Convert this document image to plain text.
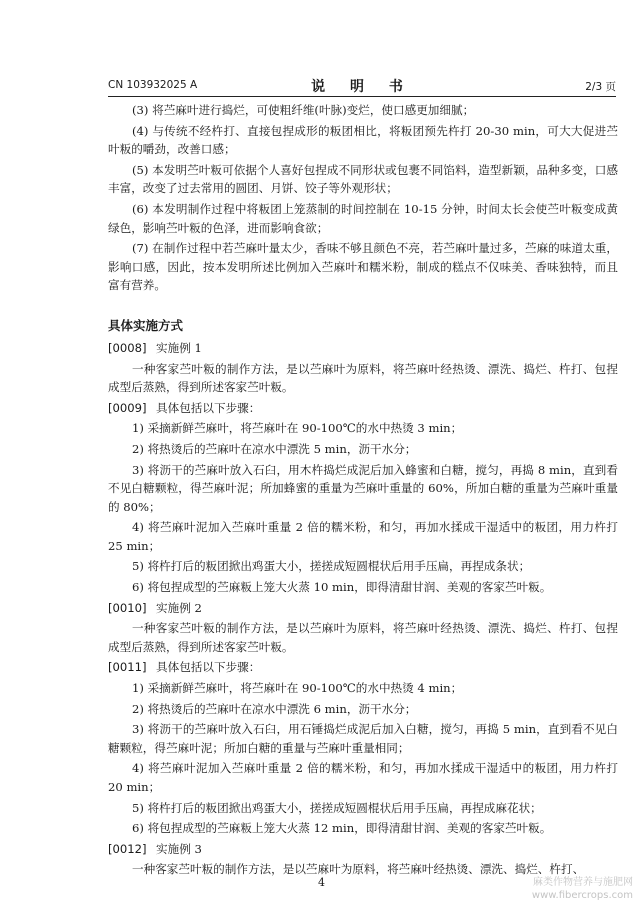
CN 103932025 A	说 明 书	2/3 页

(3) 将苎麻叶进行捣烂，可使粗纤维(叶脉)变烂，使口感更加细腻；

(4) 与传统不经杵打、直接包捏成形的粄团相比，将粄团预先杵打 20-30 min，可大大促进苎叶粄的嚼劲，改善口感；

(5) 本发明苎叶粄可依据个人喜好包捏成不同形状或包裹不同馅料，造型新颖，品种多变，口感丰富，改变了过去常用的圆团、月饼、饺子等外观形状；

(6) 本发明制作过程中将粄团上笼蒸制的时间控制在 10-15 分钟，时间太长会使苎叶粄变成黄绿色，影响苎叶粄的色泽，进而影响食欲；

(7) 在制作过程中若苎麻叶量太少，香味不够且颜色不亮，若苎麻叶量过多，苎麻的味道太重，影响口感，因此，按本发明所述比例加入苎麻叶和糯米粉，制成的糕点不仅味美、香味独特，而且富有营养。

具体实施方式
[0008] 实施例 1

一种客家苎叶粄的制作方法，是以苎麻叶为原料，将苎麻叶经热烫、漂洗、捣烂、杵打、包捏成型后蒸熟，得到所述客家苎叶粄。

[0009] 具体包括以下步骤：

1) 采摘新鲜苎麻叶，将苎麻叶在 90-100℃的水中热烫 3 min；

2) 将热烫后的苎麻叶在凉水中漂洗 5 min，沥干水分；

3) 将沥干的苎麻叶放入石臼，用木杵捣烂成泥后加入蜂蜜和白糖，搅匀，再捣 8 min，直到看不见白糖颗粒，得苎麻叶泥；所加蜂蜜的重量为苎麻叶重量的 60%，所加白糖的重量为苎麻叶重量的 80%；

4) 将苎麻叶泥加入苎麻叶重量 2 倍的糯米粉，和匀，再加水揉成干湿适中的粄团，用力杵打 25 min；

5) 将杵打后的粄团掀出鸡蛋大小，搓搓成短圆棍状后用手压扁，再捏成条状；

6) 将包捏成型的苎麻粄上笼大火蒸 10 min，即得清甜甘润、美观的客家苎叶粄。

[0010] 实施例 2

一种客家苎叶粄的制作方法，是以苎麻叶为原料，将苎麻叶经热烫、漂洗、捣烂、杵打、包捏成型后蒸熟，得到所述客家苎叶粄。

[0011] 具体包括以下步骤：

1) 采摘新鲜苎麻叶，将苎麻叶在 90-100℃的水中热烫 4 min；

2) 将热烫后的苎麻叶在凉水中漂洗 6 min，沥干水分；

3) 将沥干的苎麻叶放入石臼，用石锤捣烂成泥后加入白糖，搅匀，再捣 5 min，直到看不见白糖颗粒，得苎麻叶泥；所加白糖的重量与苎麻叶重量相同；

4) 将苎麻叶泥加入苎麻叶重量 2 倍的糯米粉，和匀，再加水揉成干湿适中的粄团，用力杵打 20 min；

5) 将杵打后的粄团掀出鸡蛋大小，搓搓成短圆棍状后用手压扁，再捏成麻花状；

6) 将包捏成型的苎麻粄上笼大火蒸 12 min，即得清甜甘润、美观的客家苎叶粄。

[0012] 实施例 3

一种客家苎叶粄的制作方法，是以苎麻叶为原料，将苎麻叶经热烫、漂洗、捣烂、杵打、

4	麻类作物营养与施肥网
www.fibercrops.com
